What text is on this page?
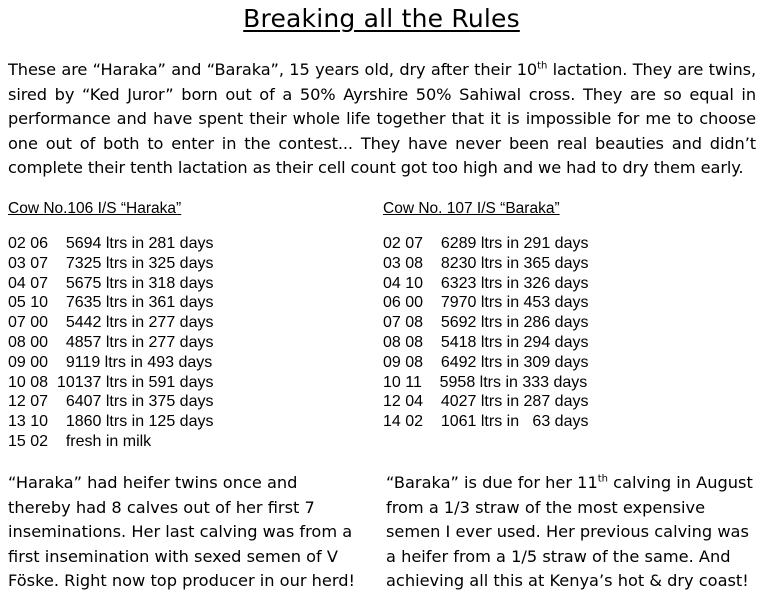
Breaking all the Rules
These are “Haraka” and “Baraka”, 15 years old, dry after their 10th lactation. They are twins, sired by “Ked Juror” born out of a 50% Ayrshire 50% Sahiwal cross. They are so equal in performance and have spent their whole life together that it is impossible for me to choose one out of both to enter in the contest... They have never been real beauties and didn’t complete their tenth lactation as their cell count got too high and we had to dry them early.
Cow No.106 I/S “Haraka”
02 06    5694 ltrs in 281 days
03 07    7325 ltrs in 325 days
04 07    5675 ltrs in 318 days
05 10    7635 ltrs in 361 days
07 00    5442 ltrs in 277 days
08 00    4857 ltrs in 277 days
09 00    9119 ltrs in 493 days
10 08  10137 ltrs in 591 days
12 07    6407 ltrs in 375 days
13 10    1860 ltrs in 125 days
15 02    fresh in milk
Cow No. 107 I/S “Baraka”
02 07    6289 ltrs in 291 days
03 08    8230 ltrs in 365 days
04 10    6323 ltrs in 326 days
06 00    7970 ltrs in 453 days
07 08    5692 ltrs in 286 days
08 08    5418 ltrs in 294 days
09 08    6492 ltrs in 309 days
10 11    5958 ltrs in 333 days
12 04    4027 ltrs in 287 days
14 02    1061 ltrs in   63 days
“Haraka” had heifer twins once and thereby had 8 calves out of her first 7 inseminations. Her last calving was from a first insemination with sexed semen of V Föske. Right now top producer in our herd!
“Baraka” is due for her 11th calving in August from a 1/3 straw of the most expensive semen I ever used. Her previous calving was a heifer from a 1/5 straw of the same. And achieving all this at Kenya’s hot & dry coast!
